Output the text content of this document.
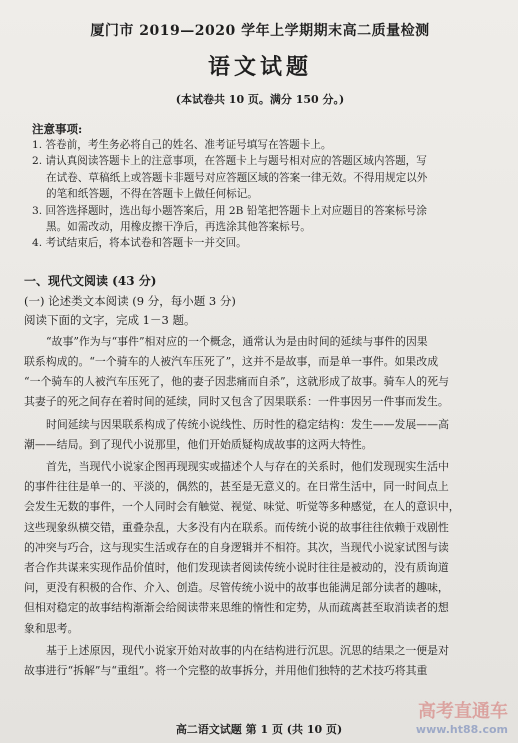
厦门市 2019—2020 学年上学期期末高二质量检测
语文试题
(本试卷共 10 页。满分 150 分。)
注意事项:
1. 答卷前，考生务必将自己的姓名、准考证号填写在答题卡上。
2. 请认真阅读答题卡上的注意事项，在答题卡上与题号相对应的答题区域内答题，写
在试卷、草稿纸上或答题卡非题号对应答题区域的答案一律无效。不得用规定以外
的笔和纸答题，不得在答题卡上做任何标记。
3. 回答选择题时，选出每小题答案后，用 2B 铅笔把答题卡上对应题目的答案标号涂
黑。如需改动，用橡皮擦干净后，再选涂其他答案标号。
4. 考试结束后，将本试卷和答题卡一并交回。
一、现代文阅读 (43 分)
(一) 论述类文本阅读 (9 分，每小题 3 分)
阅读下面的文字，完成 1－3 题。
“故事”作为与“事件”相对应的一个概念，通常认为是由时间的延续与事件的因果
联系构成的。“一个骑车的人被汽车压死了”，这并不是故事，而是单一事件。如果改成
“一个骑车的人被汽车压死了，他的妻子因悲痛而自杀”，这就形成了故事。骑车人的死与
其妻子的死之间存在着时间的延续，同时又包含了因果联系：一件事因另一件事而发生。
时间延续与因果联系构成了传统小说线性、历时性的稳定结构：发生——发展——高
潮——结局。到了现代小说那里，他们开始质疑构成故事的这两大特性。
首先，当现代小说家企图再现现实或描述个人与存在的关系时，他们发现现实生活中
的事件往往是单一的、平淡的，偶然的，甚至是无意义的。在日常生活中，同一时间点上
会发生无数的事件，一个人同时会有触觉、视觉、味觉、听觉等多种感觉，在人的意识中，
这些现象纵横交错，重叠杂乱，大多没有内在联系。而传统小说的故事往往依赖于戏剧性
的冲突与巧合，这与现实生活或存在的自身逻辑并不相符。其次，当现代小说家试图与读
者合作共谋来实现作品价值时，他们发现读者阅读传统小说时往往是被动的，没有质询道
问，更没有积极的合作、介入、创造。尽管传统小说中的故事也能满足部分读者的趣味，
但相对稳定的故事结构渐渐会给阅读带来思维的惰性和定势，从而疏离甚至取消读者的想
象和思考。
基于上述原因，现代小说家开始对故事的内在结构进行沉思。沉思的结果之一便是对
故事进行“拆解”与“重组”。将一个完整的故事拆分，并用他们独特的艺术技巧将其重
高二语文试题 第 1 页 (共 10 页)
高考直通车
www.ht88.com
